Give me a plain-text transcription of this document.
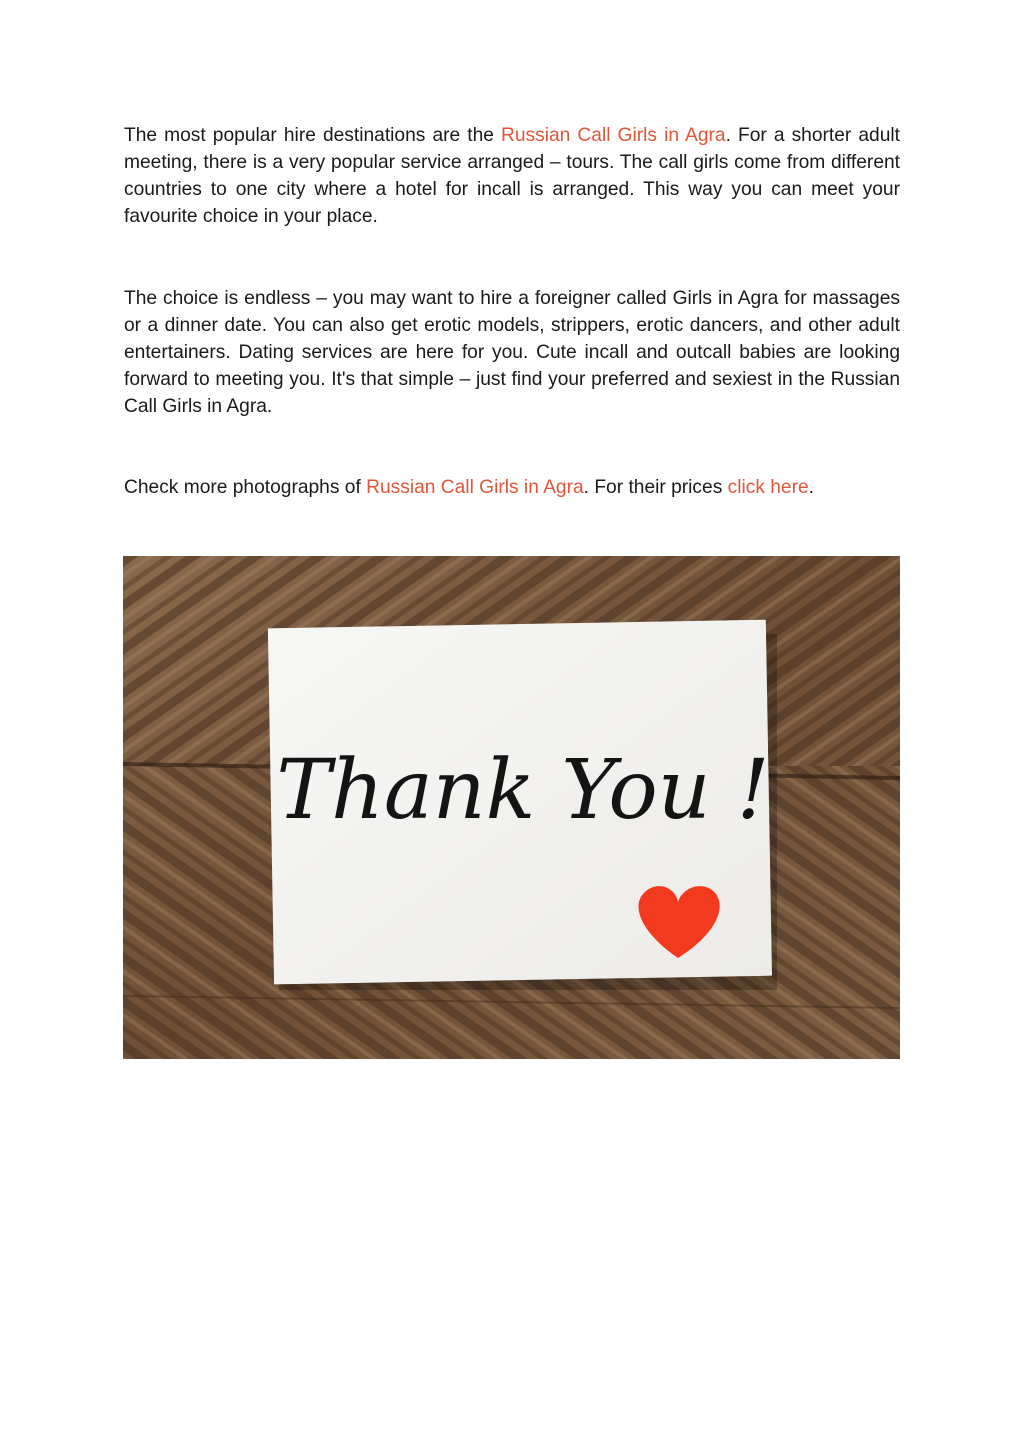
The most popular hire destinations are the Russian Call Girls in Agra. For a shorter adult meeting, there is a very popular service arranged – tours. The call girls come from different countries to one city where a hotel for incall is arranged. This way you can meet your favourite choice in your place.

The choice is endless – you may want to hire a foreigner called Girls in Agra for massages or a dinner date. You can also get erotic models, strippers, erotic dancers, and other adult entertainers. Dating services are here for you. Cute incall and outcall babies are looking forward to meeting you. It's that simple – just find your preferred and sexiest in the Russian Call Girls in Agra.

Check more photographs of Russian Call Girls in Agra. For their prices click here.

Thank You !
